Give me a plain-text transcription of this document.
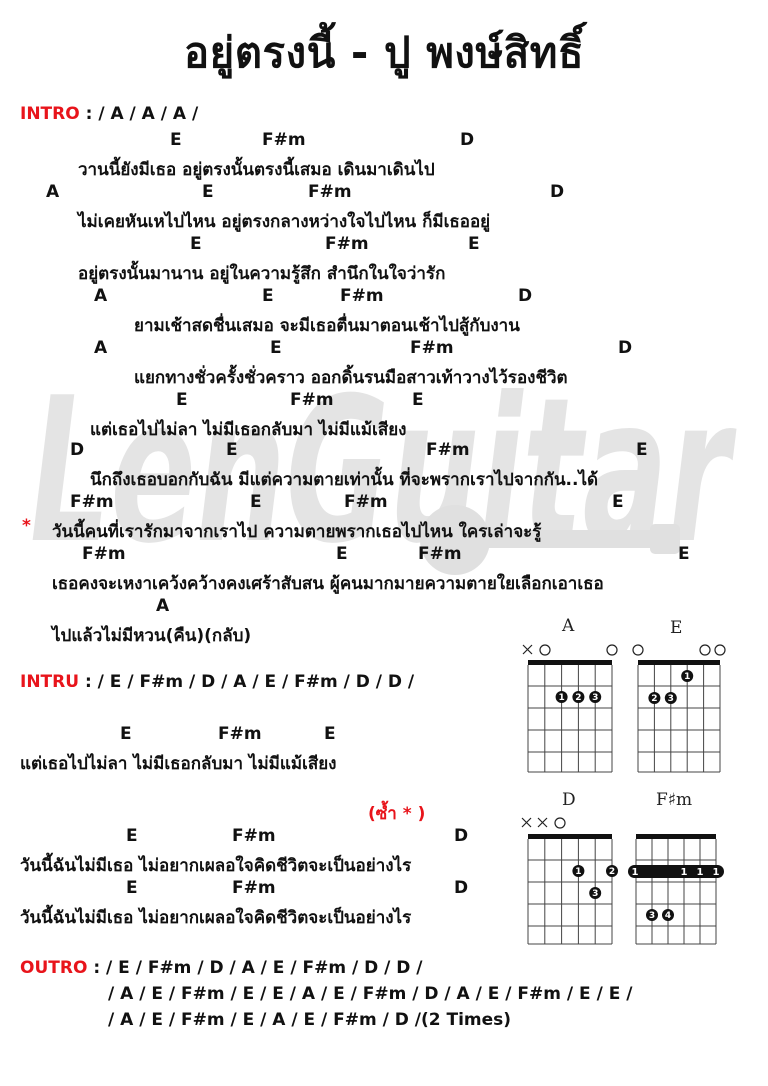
อยู่ตรงนี้ - ปู พงษ์สิทธิ์
LenGuitar
INTRO : / A / A / A /
E	F#m	D
วานนี้ยังมีเธอ อยู่ตรงนั้นตรงนี้เสมอ เดินมาเดินไป
A	E	F#m	D
ไม่เคยหันเหไปไหน อยู่ตรงกลางหว่างใจไปไหน ก็มีเธออยู่
E	F#m	E
อยู่ตรงนั้นมานาน อยู่ในความรู้สึก สำนึกในใจว่ารัก
A	E	F#m	D
ยามเช้าสดชื่นเสมอ จะมีเธอตื่นมาตอนเช้าไปสู้กับงาน
A	E	F#m	D
แยกทางชั่วครั้งชั่วคราว ออกดิ้นรนมือสาวเท้าวางไว้รองชีวิต
E	F#m	E
แต่เธอไปไม่ลา ไม่มีเธอกลับมา ไม่มีแม้เสียง
D	E	F#m	E
นึกถึงเธอบอกกับฉัน มีแต่ความตายเท่านั้น ที่จะพรากเราไปจากกัน..ได้
F#m	E	F#m	E
วันนี้คนที่เรารักมาจากเราไป ความตายพรากเธอไปไหน ใครเล่าจะรู้
F#m	E	F#m	E
เธอคงจะเหงาเคว้งคว้างคงเศร้าสับสน ผู้คนมากมายความตายใยเลือกเอาเธอ
A
ไปแล้วไม่มีหวน(คืน)(กลับ)
*
INTRU : / E / F#m / D / A / E / F#m / D / D /
E	F#m	E
แต่เธอไปไม่ลา ไม่มีเธอกลับมา ไม่มีแม้เสียง
(ซ้ำ * )
E	F#m	D
วันนี้ฉันไม่มีเธอ ไม่อยากเผลอใจคิดชีวิตจะเป็นอย่างไร
E	F#m	D
วันนี้ฉันไม่มีเธอ ไม่อยากเผลอใจคิดชีวิตจะเป็นอย่างไร
OUTRO : / E / F#m / D / A / E / F#m / D / D /
/ A / E / F#m / E / E / A / E / F#m / D / A / E / F#m / E / E /
/ A / E / F#m / E / A / E / F#m / D /(2 Times)
A
1 2 3
E
1
2 3
D
1	2
3
F♯m
1	1 1 1
3 4
